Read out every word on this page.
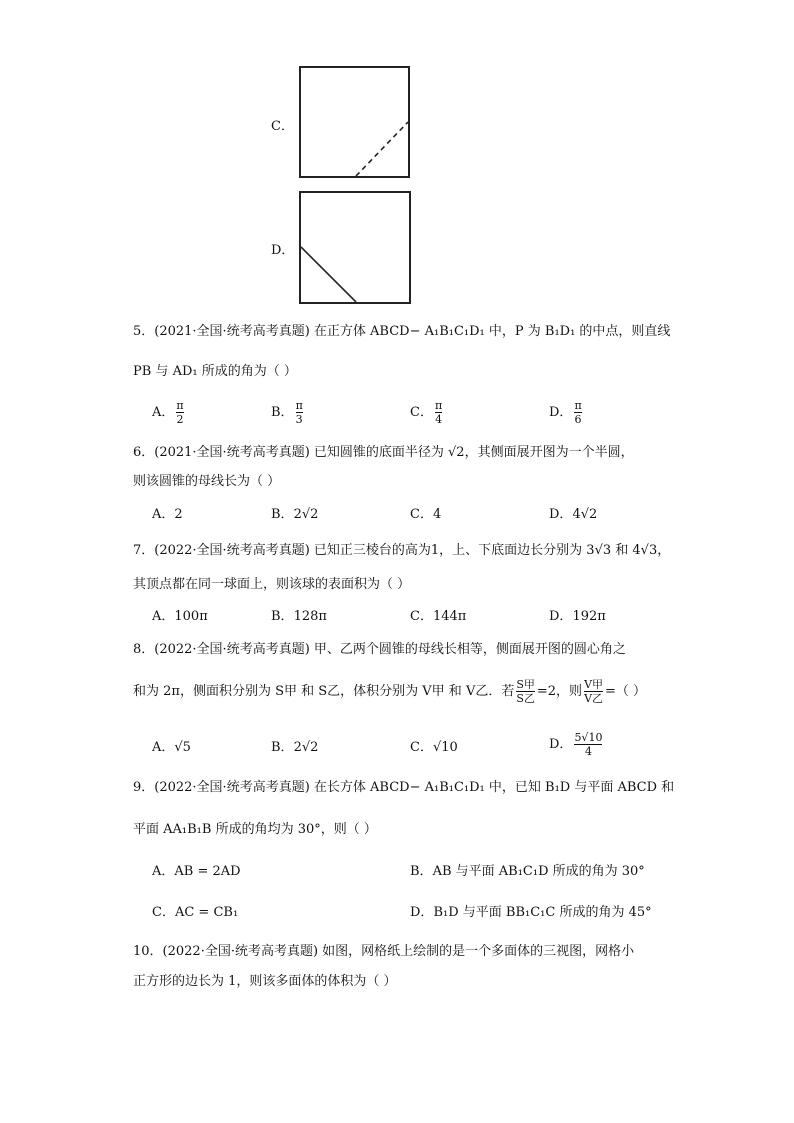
C．
D．
5．(2021·全国·统考高考真题) 在正方体 ABCD− A₁B₁C₁D₁ 中，P 为 B₁D₁ 的中点，则直线
PB 与 AD₁ 所成的角为（ ）
A． $\frac{\pi}{2}$	B． $\frac{\pi}{3}$	C． $\frac{\pi}{4}$	D． $\frac{\pi}{6}$
6．(2021·全国·统考高考真题) 已知圆锥的底面半径为 √2，其侧面展开图为一个半圆，
则该圆锥的母线长为（ ）
A．2	B．2√2	C．4	D．4√2
7．(2022·全国·统考高考真题) 已知正三棱台的高为1，上、下底面边长分别为 3√3 和 4√3，
其顶点都在同一球面上，则该球的表面积为（ ）
A．100π	B．128π	C．144π	D．192π
8．(2022·全国·统考高考真题) 甲、乙两个圆锥的母线长相等，侧面展开图的圆心角之
和为 2π，侧面积分别为 S甲 和 S乙，体积分别为 V甲 和 V乙．若 $\frac{\text{S甲}}{\text{S乙}} =2$，则 $\frac{\text{V甲}}{\text{V乙}}$ =（ ）
A．√5	B．2√2	C．√10	D． $\frac{5√10}{4}$
9．(2022·全国·统考高考真题) 在长方体 ABCD− A₁B₁C₁D₁ 中，已知 B₁D 与平面 ABCD 和
平面 AA₁B₁B 所成的角均为 30°，则（ ）
A．AB = 2AD	B．AB 与平面 AB₁C₁D 所成的角为 30°
C．AC = CB₁	D．B₁D 与平面 BB₁C₁C 所成的角为 45°
10．(2022·全国·统考高考真题) 如图，网格纸上绘制的是一个多面体的三视图，网格小
正方形的边长为 1，则该多面体的体积为（ ）
